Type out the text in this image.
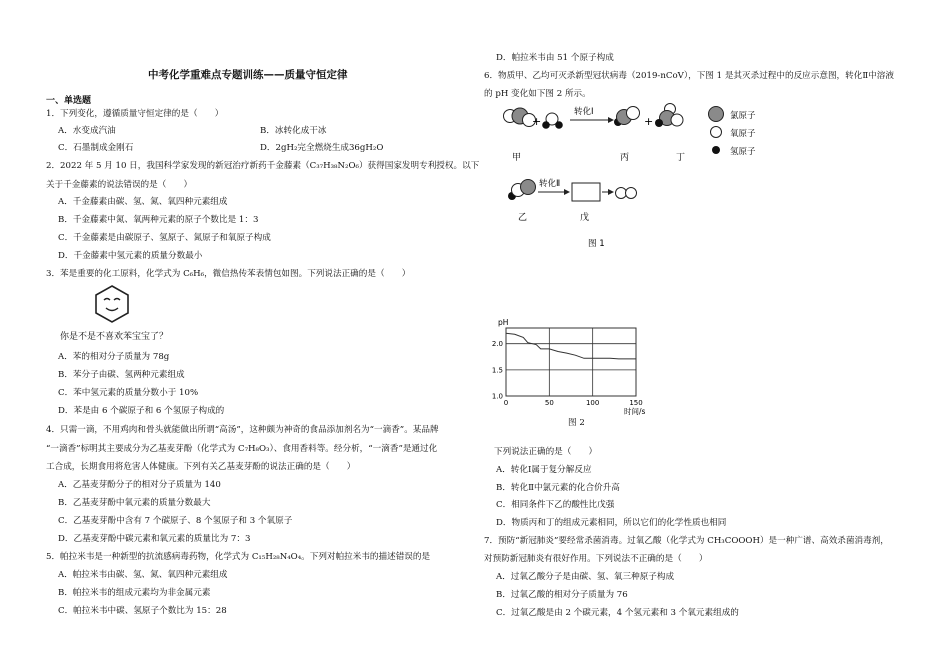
中考化学重难点专题训练——质量守恒定律
一、单选题
1．下列变化，遵循质量守恒定律的是（　　）
A．水变成汽油	B．冰转化成干冰
C．石墨制成金刚石	D．2gH₂完全燃烧生成36gH₂O
2．2022 年 5 月 10 日，我国科学家发现的新冠治疗新药千金藤素（C₃₇H₃₈N₂O₆）获得国家发明专利授权。以下
关于千金藤素的说法错误的是（　　）
A．千金藤素由碳、氢、氮、氧四种元素组成
B．千金藤素中氮、氧两种元素的原子个数比是 1：3
C．千金藤素是由碳原子、氢原子、氮原子和氧原子构成
D．千金藤素中氢元素的质量分数最小
3．苯是重要的化工原料，化学式为 C₆H₆，微信热传苯表情包如图。下列说法正确的是（　　）
你是不是不喜欢苯宝宝了？
A．苯的相对分子质量为 78g
B．苯分子由碳、氢两种元素组成
C．苯中氢元素的质量分数小于 10%
D．苯是由 6 个碳原子和 6 个氢原子构成的
4．只需一滴，不用鸡肉和骨头就能做出所谓“高汤”，这种颇为神奇的食品添加剂名为“一滴香”。某品牌
“一滴香”标明其主要成分为乙基麦芽酚（化学式为 C₇H₈O₃）、食用香料等。经分析，“一滴香”是通过化
工合成，长期食用将危害人体健康。下列有关乙基麦芽酚的说法正确的是（　　）
A．乙基麦芽酚分子的相对分子质量为 140
B．乙基麦芽酚中氧元素的质量分数最大
C．乙基麦芽酚中含有 7 个碳原子、8 个氢原子和 3 个氧原子
D．乙基麦芽酚中碳元素和氧元素的质量比为 7：3
5．帕拉米韦是一种新型的抗流感病毒药物，化学式为 C₁₅H₂₈N₄O₄。下列对帕拉米韦的描述错误的是
A．帕拉米韦由碳、氢、氮、氧四种元素组成
B．帕拉米韦的组成元素均为非金属元素
C．帕拉米韦中碳、氢原子个数比为 15：28
D．帕拉米韦由 51 个原子构成
6．物质甲、乙均可灭杀新型冠状病毒（2019-nCoV），下图 1 是其灭杀过程中的反应示意图，转化Ⅱ中溶液
的 pH 变化如下图 2 所示。
+
转化Ⅰ
+	氯原子
氧原子
氢原子
甲	丙	丁
转化Ⅱ
乙	戊
图 1
1.0
1.5
2.0
0	50	100	150
pH
时间/s
图 2
下列说法正确的是（　　）
A．转化Ⅰ属于复分解反应
B．转化Ⅱ中氯元素的化合价升高
C．相同条件下乙的酸性比戊强
D．物质丙和丁的组成元素相同，所以它们的化学性质也相同
7．预防“新冠肺炎”要经常杀菌消毒。过氧乙酸（化学式为 CH₃COOOH）是一种广谱、高效杀菌消毒剂，
对预防新冠肺炎有很好作用。下列说法不正确的是（　　）
A．过氧乙酸分子是由碳、氢、氧三种原子构成
B．过氧乙酸的相对分子质量为 76
C．过氧乙酸是由 2 个碳元素，4 个氢元素和 3 个氧元素组成的
